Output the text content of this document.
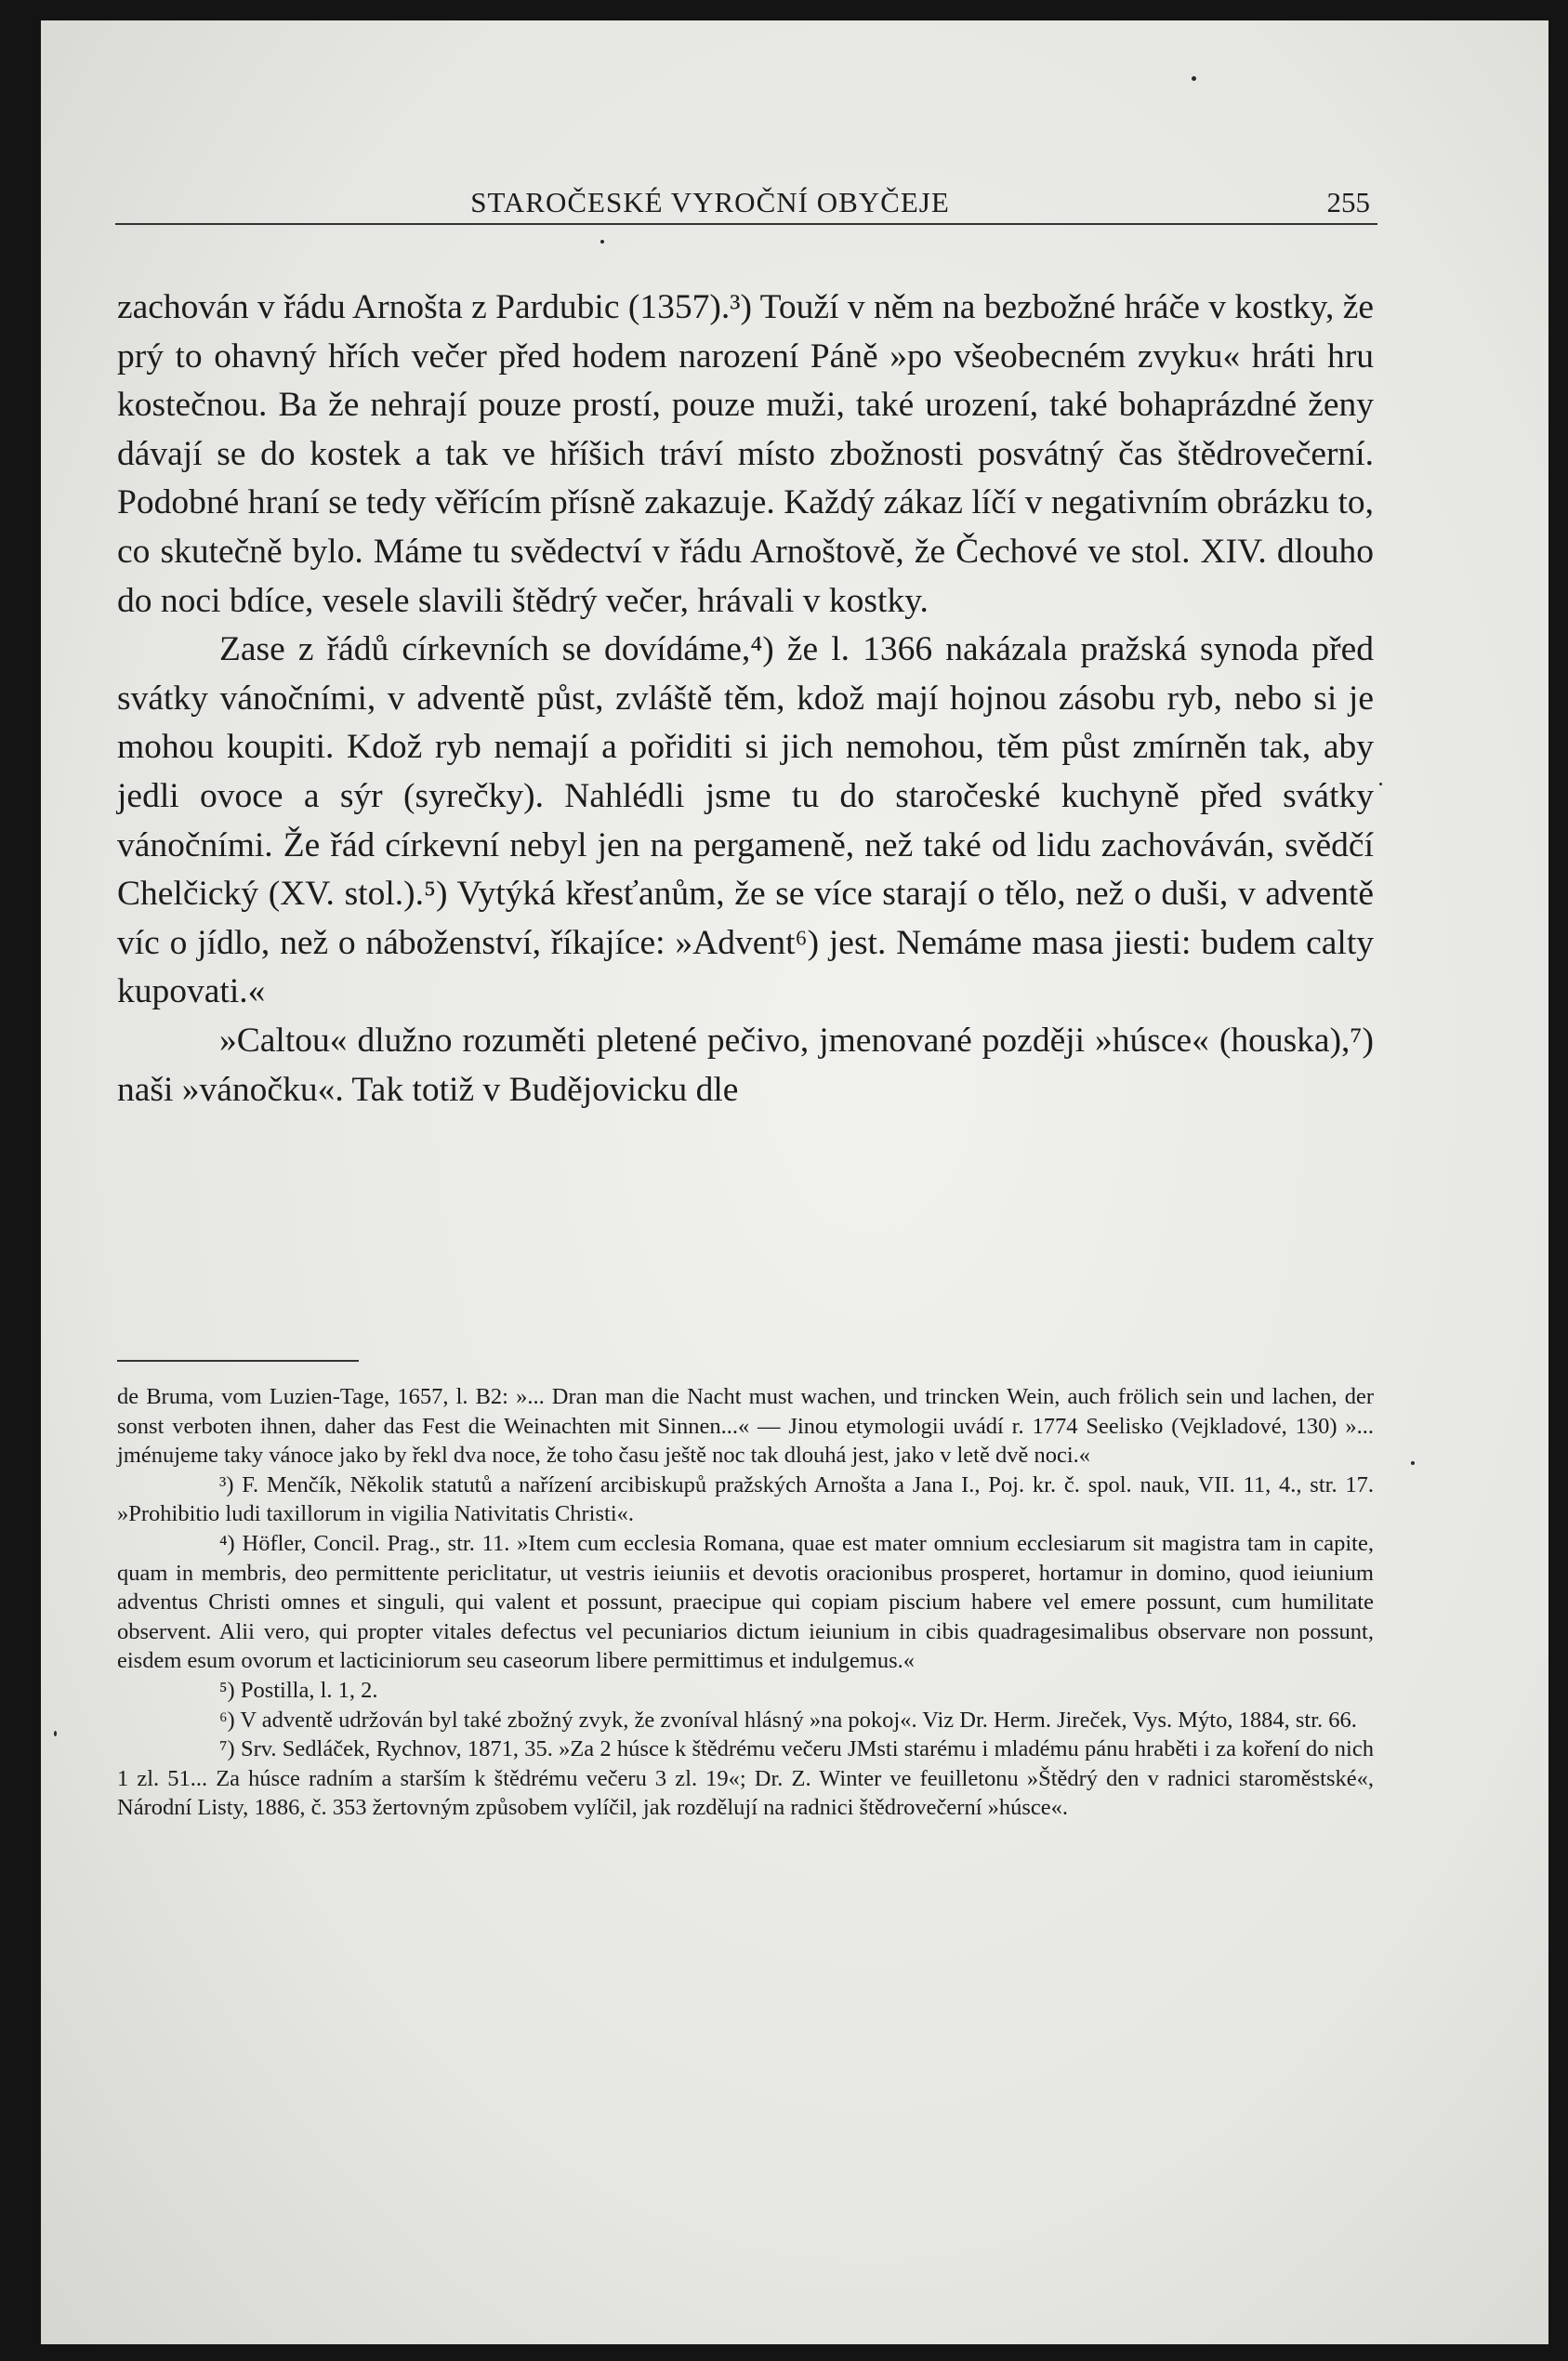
STAROČESKÉ VYROČNÍ OBYČEJE	255

zachován v řádu Arnošta z Pardubic (1357).³) Touží v něm na bezbožné hráče v kostky, že prý to ohavný hřích večer před hodem narození Páně »po všeobecném zvyku« hráti hru kostečnou. Ba že nehrají pouze prostí, pouze muži, také urození, také bohaprázdné ženy dávají se do kostek a tak ve hříšich tráví místo zbožnosti posvátný čas štědrovečerní. Podobné hraní se tedy věřícím přísně zakazuje. Každý zákaz líčí v negativním obrázku to, co skutečně bylo. Máme tu svědectví v řádu Arnoštově, že Čechové ve stol. XIV. dlouho do noci bdíce, vesele slavili štědrý večer, hrávali v kostky.

Zase z řádů církevních se dovídáme,⁴) že l. 1366 nakázala pražská synoda před svátky vánočními, v adventě půst, zvláště těm, kdož mají hojnou zásobu ryb, nebo si je mohou koupiti. Kdož ryb nemají a pořiditi si jich nemohou, těm půst zmírněn tak, aby jedli ovoce a sýr (syrečky). Nahlédli jsme tu do staročeské kuchyně před svátky vánočními. Že řád církevní nebyl jen na pergameně, než také od lidu zachováván, svědčí Chelčický (XV. stol.).⁵) Vytýká křesťanům, že se více starají o tělo, než o duši, v adventě víc o jídlo, než o náboženství, říkajíce: »Advent⁶) jest. Nemáme masa jiesti: budem calty kupovati.«

»Caltou« dlužno rozuměti pletené pečivo, jmenované později »húsce« (houska),⁷) naši »vánočku«. Tak totiž v Budějovicku dle

de Bruma, vom Luzien-Tage, 1657, l. B2: »... Dran man die Nacht must wachen, und trincken Wein, auch frölich sein und lachen, der sonst verboten ihnen, daher das Fest die Weinachten mit Sinnen...« — Jinou etymologii uvádí r. 1774 Seelisko (Vejkladové, 130) »... jménujeme taky vánoce jako by řekl dva noce, že toho času ještě noc tak dlouhá jest, jako v letě dvě noci.«

³) F. Menčík, Několik statutů a nařízení arcibiskupů pražských Arnošta a Jana I., Poj. kr. č. spol. nauk, VII. 11, 4., str. 17. »Prohibitio ludi taxillorum in vigilia Nativitatis Christi«.

⁴) Höfler, Concil. Prag., str. 11. »Item cum ecclesia Romana, quae est mater omnium ecclesiarum sit magistra tam in capite, quam in membris, deo permittente periclitatur, ut vestris ieiuniis et devotis oracionibus prosperet, hortamur in domino, quod ieiunium adventus Christi omnes et singuli, qui valent et possunt, praecipue qui copiam piscium habere vel emere possunt, cum humilitate observent. Alii vero, qui propter vitales defectus vel pecuniarios dictum ieiunium in cibis quadragesimalibus observare non possunt, eisdem esum ovorum et lacticiniorum seu caseorum libere permittimus et indulgemus.«

⁵) Postilla, l. 1, 2.

⁶) V adventě udržován byl také zbožný zvyk, že zvoníval hlásný »na pokoj«. Viz Dr. Herm. Jireček, Vys. Mýto, 1884, str. 66.

⁷) Srv. Sedláček, Rychnov, 1871, 35. »Za 2 húsce k štědrému večeru JMsti starému i mladému pánu hraběti i za koření do nich 1 zl. 51... Za húsce radním a starším k štědrému večeru 3 zl. 19«; Dr. Z. Winter ve feuilletonu »Štědrý den v radnici staroměstské«, Národní Listy, 1886, č. 353 žertovným způsobem vylíčil, jak rozdělují na radnici štědrovečerní »húsce«.
